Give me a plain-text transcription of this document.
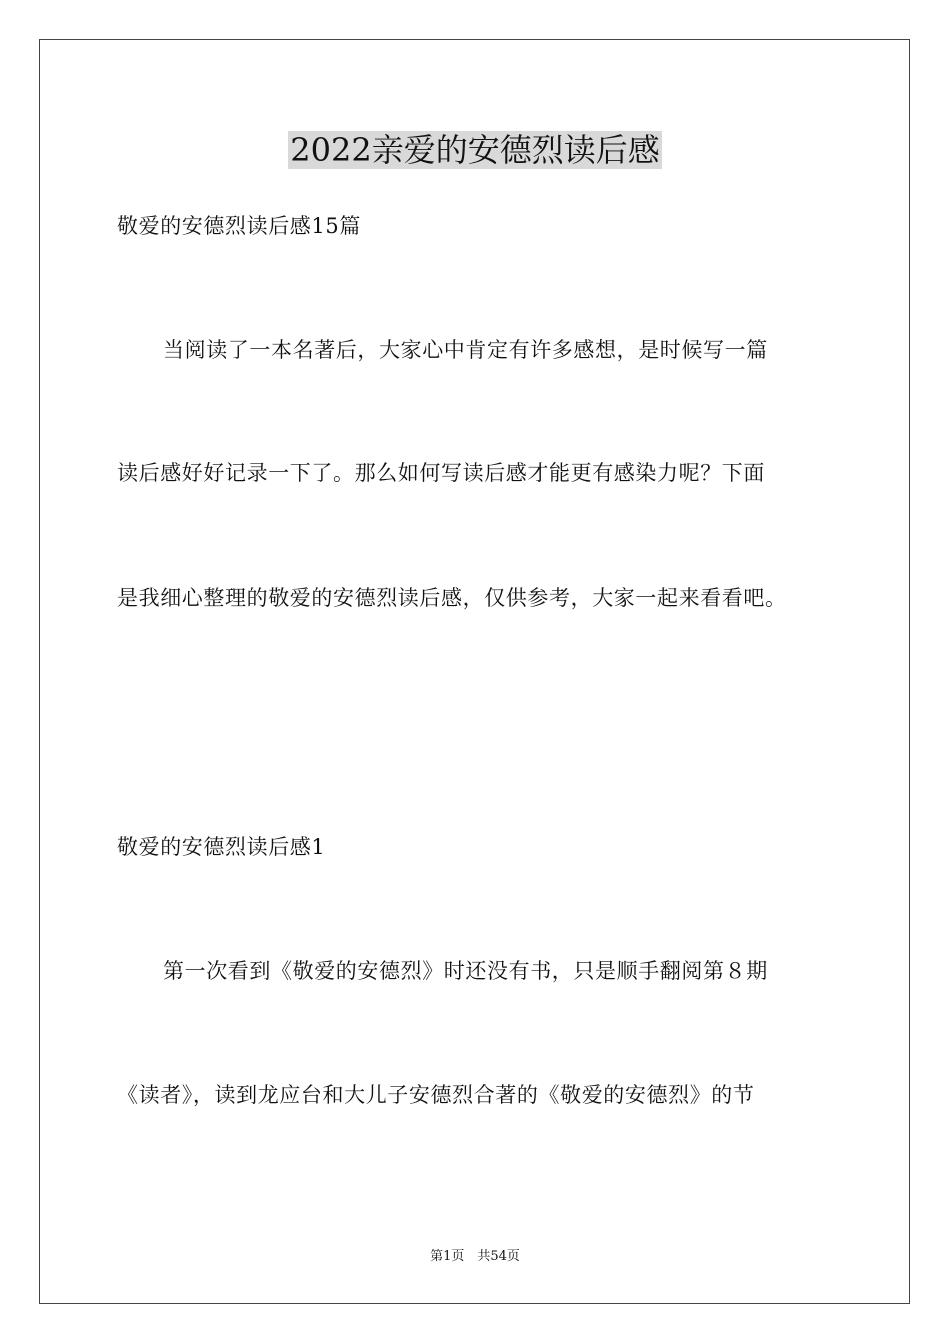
2022亲爱的安德烈读后感
敬爱的安德烈读后感15篇
当阅读了一本名著后，大家心中肯定有许多感想，是时候写一篇
读后感好好记录一下了。那么如何写读后感才能更有感染力呢？下面
是我细心整理的敬爱的安德烈读后感，仅供参考，大家一起来看看吧。
敬爱的安德烈读后感1
第一次看到《敬爱的安德烈》时还没有书，只是顺手翻阅第８期
《读者》，读到龙应台和大儿子安德烈合著的《敬爱的安德烈》的节
第1页　共54页
